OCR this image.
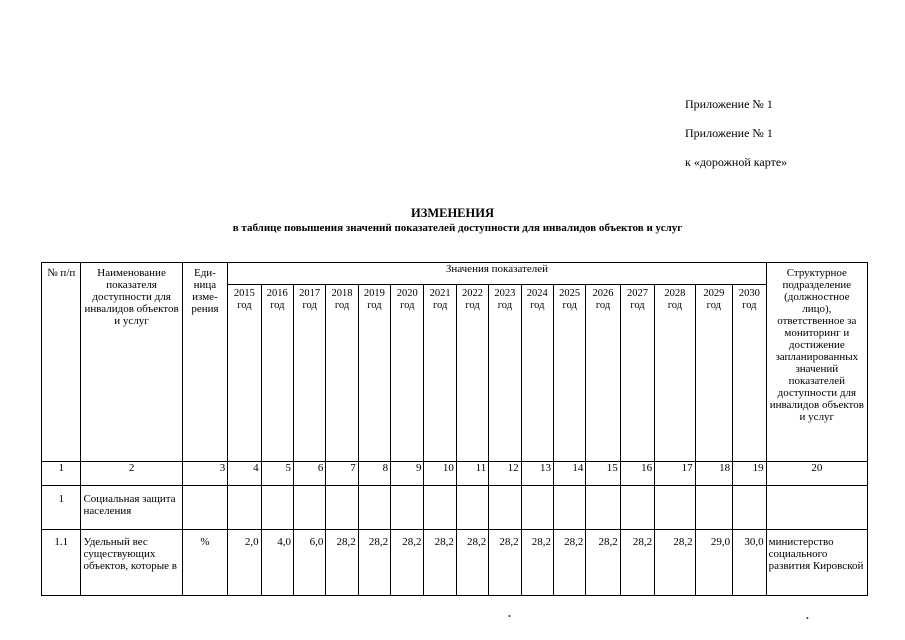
Приложение № 1
Приложение № 1
к «дорожной карте»
ИЗМЕНЕНИЯ
в таблице повышения значений показателей доступности для инвалидов объектов и услуг
№ п/п	Наименование показателя доступности для инвалидов объектов и услуг	Еди-ница изме-рения	Значения показателей																Структурное подразделение (должностное лицо), ответственное за мониторинг и достижение запланированных значений показателей доступности для инвалидов объектов и услуг
			2015 год	2016 год	2017 год	2018 год	2019 год	2020 год	2021 год	2022 год	2023 год	2024 год	2025 год	2026 год	2027 год	2028 год	2029 год	2030 год	
1	2	3	4	5	6	7	8	9	10	11	12	13	14	15	16	17	18	19	20
1	Социальная защита населения																		
1.1	Удельный вес существующих объектов, которые в	%	2,0	4,0	6,0	28,2	28,2	28,2	28,2	28,2	28,2	28,2	28,2	28,2	28,2	28,2	29,0	30,0	министерство социального развития Кировской
•	•
